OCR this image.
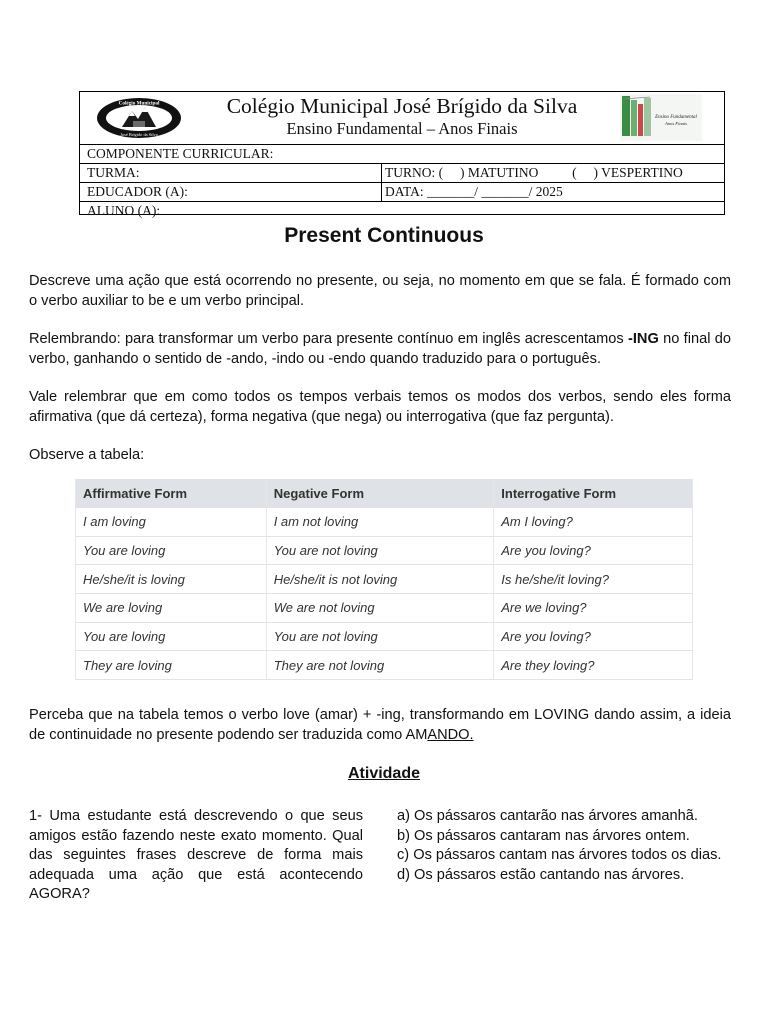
Colégio Municipal
José Brígido da Silva
Colégio Municipal José Brígido da Silva
Ensino Fundamental – Anos Finais
Ensino Fundamental
Anos Finais
COMPONENTE CURRICULAR:
TURMA:	TURNO: (     ) MATUTINO          (     ) VESPERTINO
EDUCADOR (A):	DATA: _______/ _______/ 2025
ALUNO (A):
Present Continuous
Descreve uma ação que está ocorrendo no presente, ou seja, no momento em que se fala. É formado com o verbo auxiliar to be e um verbo principal.
Relembrando: para transformar um verbo para presente contínuo em inglês acrescentamos -ING no final do verbo, ganhando o sentido de -ando, -indo ou -endo quando traduzido para o português.
Vale relembrar que em como todos os tempos verbais temos os modos dos verbos, sendo eles forma afirmativa (que dá certeza), forma negativa (que nega) ou interrogativa (que faz pergunta).
Observe a tabela:
Affirmative Form	Negative Form	Interrogative Form
I am loving	I am not loving	Am I loving?
You are loving	You are not loving	Are you loving?
He/she/it is loving	He/she/it is not loving	Is he/she/it loving?
We are loving	We are not loving	Are we loving?
You are loving	You are not loving	Are you loving?
They are loving	They are not loving	Are they loving?
Perceba que na tabela temos o verbo love (amar) + -ing, transformando em LOVING dando assim, a ideia de continuidade no presente podendo ser traduzida como AMANDO.
Atividade
1- Uma estudante está descrevendo o que seus amigos estão fazendo neste exato momento. Qual das seguintes frases descreve de forma mais adequada uma ação que está acontecendo AGORA?
a) Os pássaros cantarão nas árvores amanhã.
b) Os pássaros cantaram nas árvores ontem.
c) Os pássaros cantam nas árvores todos os dias.
d) Os pássaros estão cantando nas árvores.
